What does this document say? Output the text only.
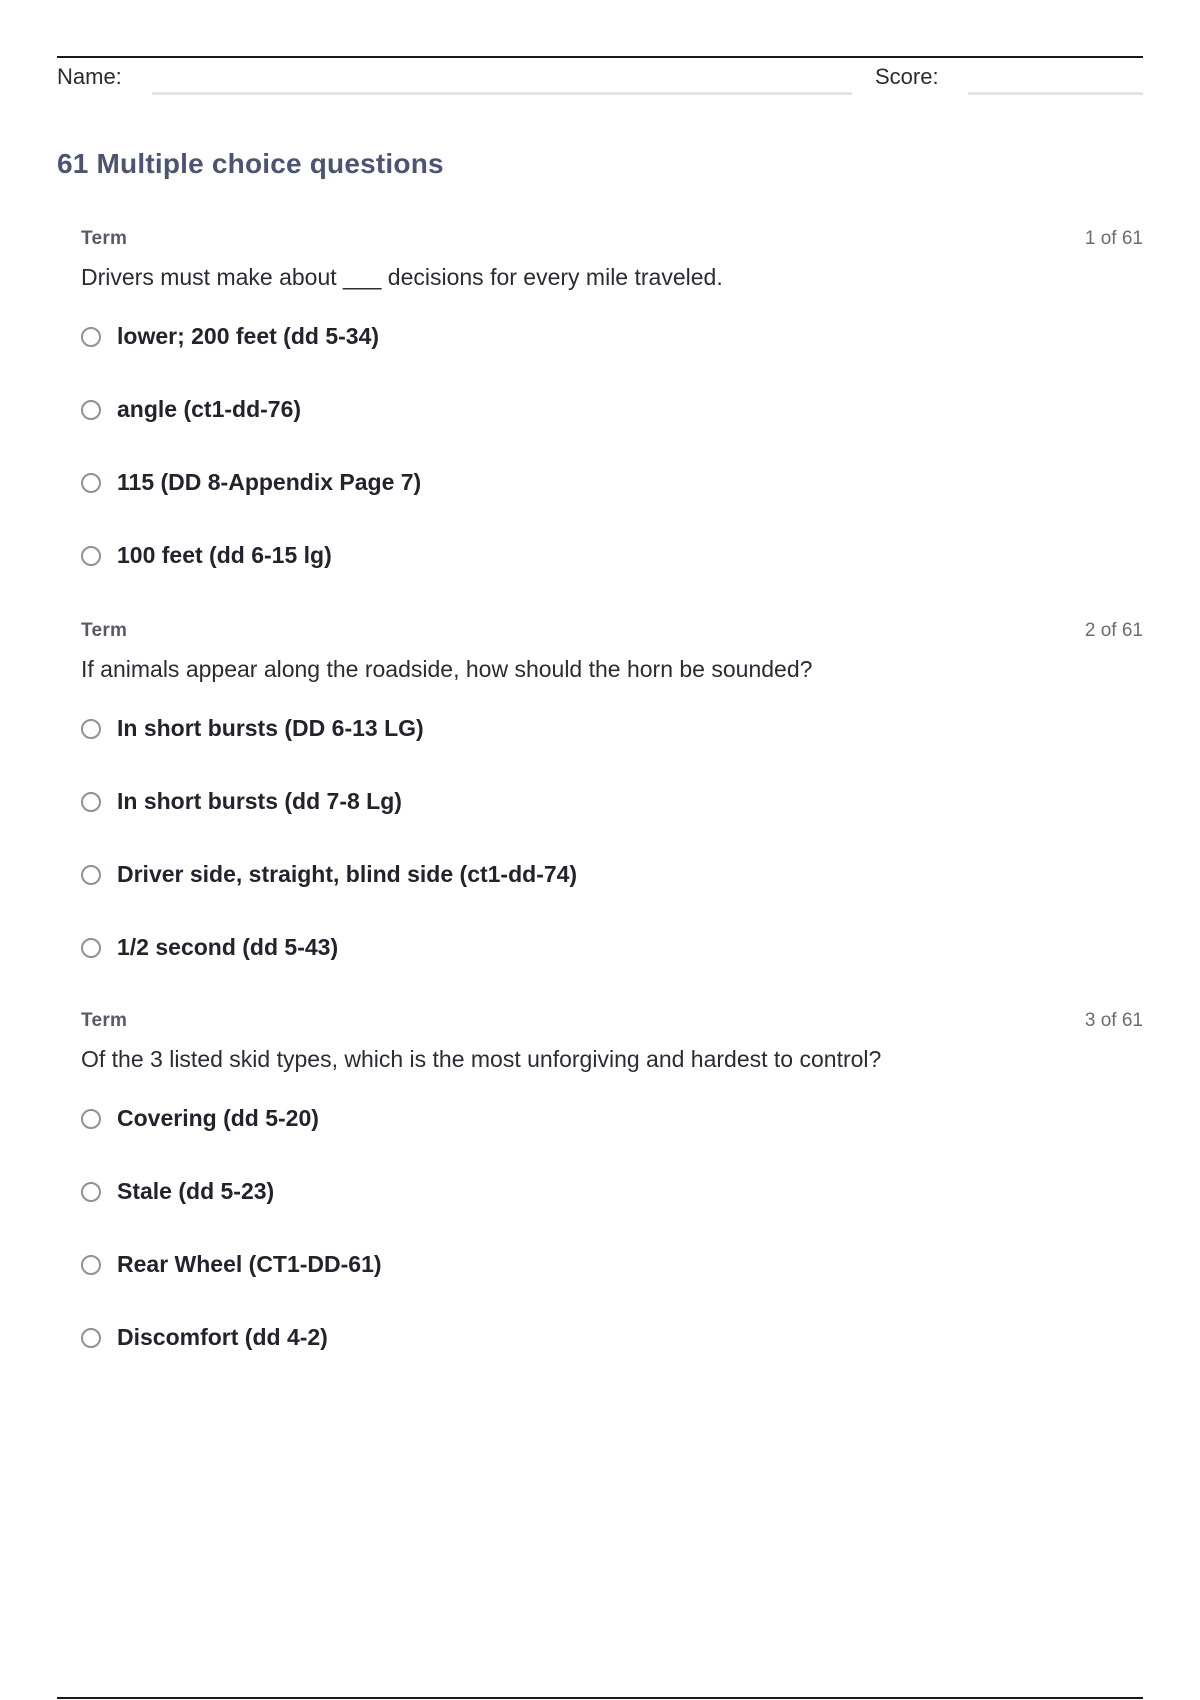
Name:	Score:
61 Multiple choice questions
Term	1 of 61
Drivers must make about ___ decisions for every mile traveled.
lower; 200 feet (dd 5-34)
angle (ct1-dd-76)
115 (DD 8-Appendix Page 7)
100 feet (dd 6-15 lg)
Term	2 of 61
If animals appear along the roadside, how should the horn be sounded?
In short bursts (DD 6-13 LG)
In short bursts (dd 7-8 Lg)
Driver side, straight, blind side (ct1-dd-74)
1/2 second (dd 5-43)
Term	3 of 61
Of the 3 listed skid types, which is the most unforgiving and hardest to control?
Covering (dd 5-20)
Stale (dd 5-23)
Rear Wheel (CT1-DD-61)
Discomfort (dd 4-2)
